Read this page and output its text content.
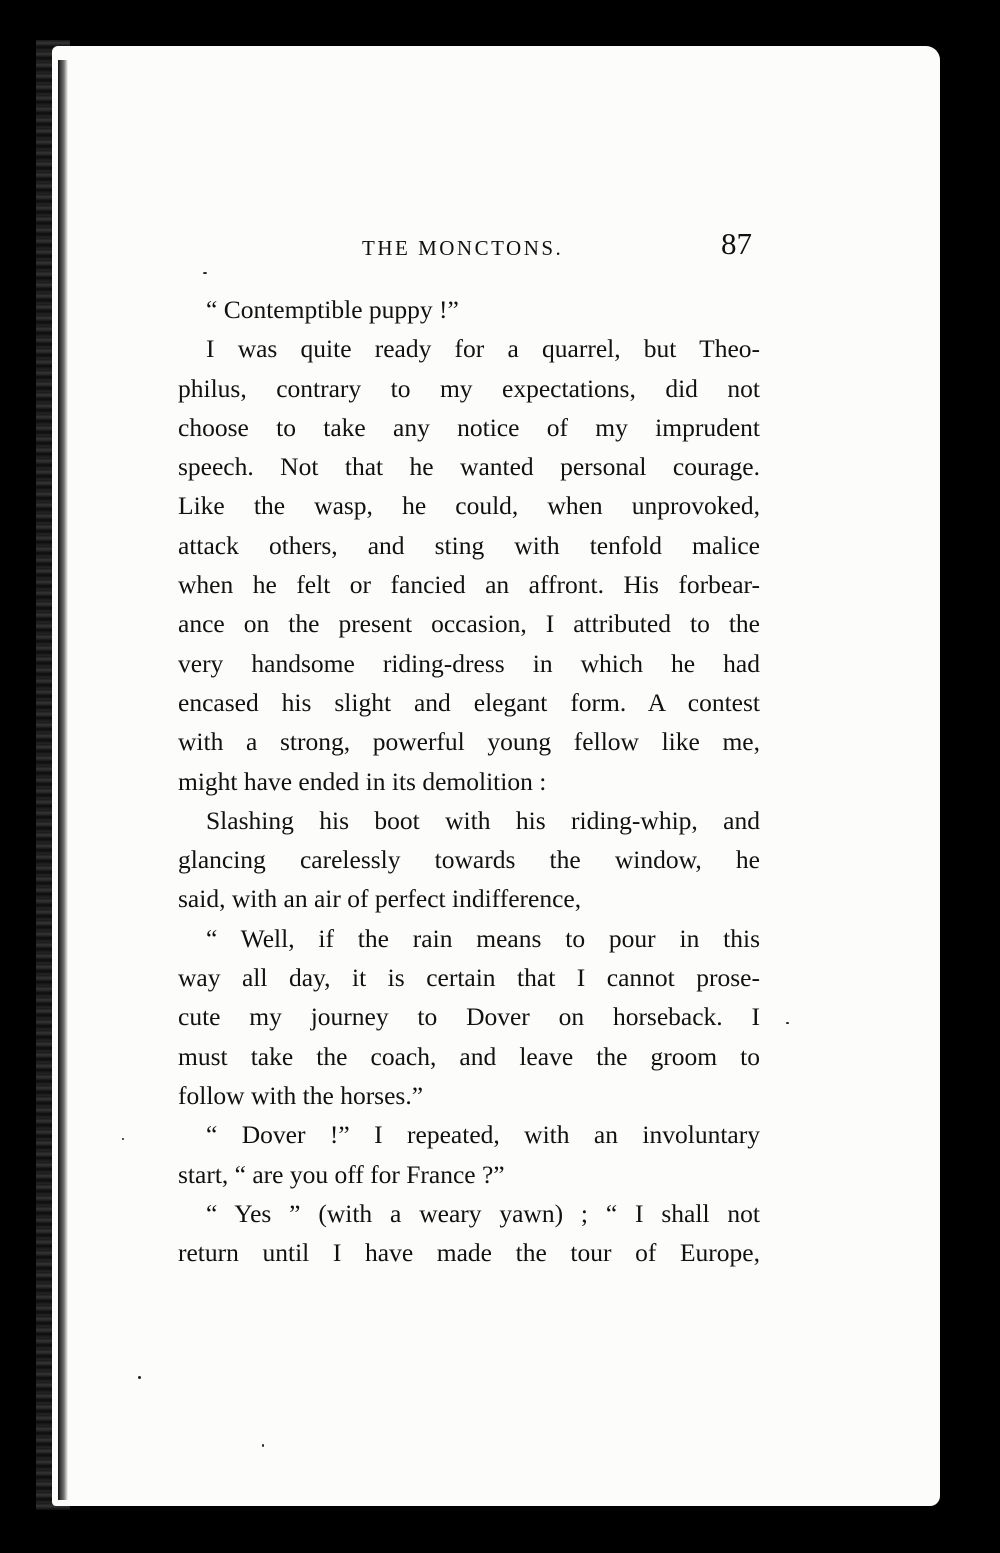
THE MONCTONS.	87
“ Contemptible puppy !”
I was quite ready for a quarrel, but Theo-
philus, contrary to my expectations, did not
choose to take any notice of my imprudent
speech. Not that he wanted personal courage.
Like the wasp, he could, when unprovoked,
attack others, and sting with tenfold malice
when he felt or fancied an affront. His forbear-
ance on the present occasion, I attributed to the
very handsome riding-dress in which he had
encased his slight and elegant form. A contest
with a strong, powerful young fellow like me,
might have ended in its demolition :
Slashing his boot with his riding-whip, and
glancing carelessly towards the window, he
said, with an air of perfect indifference,
“ Well, if the rain means to pour in this
way all day, it is certain that I cannot prose-
cute my journey to Dover on horseback. I
must take the coach, and leave the groom to
follow with the horses.”
“ Dover !” I repeated, with an involuntary
start, “ are you off for France ?”
“ Yes ” (with a weary yawn) ; “ I shall not
return until I have made the tour of Europe,
